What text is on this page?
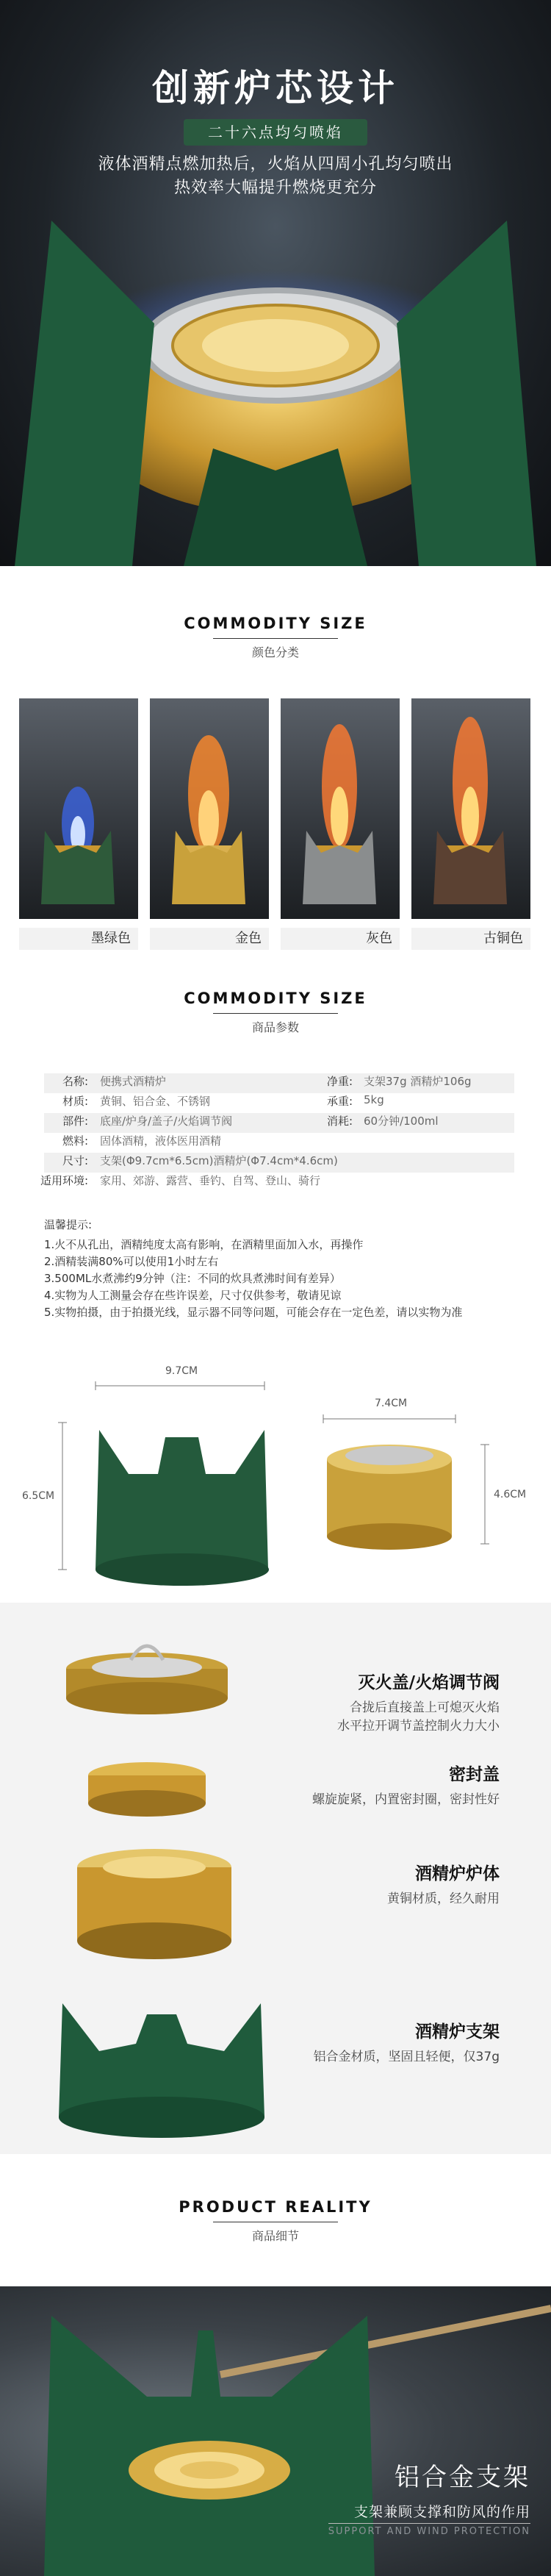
创新炉芯设计
二十六点均匀喷焰
液体酒精点燃加热后，火焰从四周小孔均匀喷出
热效率大幅提升燃烧更充分
COMMODITY SIZE
颜色分类
墨绿色	金色	灰色	古铜色
COMMODITY SIZE
商品参数
名称: 便携式酒精炉	净重: 支架37g 酒精炉106g
材质: 黄铜、铝合金、不锈钢	承重: 5kg
部件: 底座/炉身/盖子/火焰调节阀	消耗: 60分钟/100ml
燃料: 固体酒精，液体医用酒精
尺寸: 支架(Φ9.7cm*6.5cm)酒精炉(Φ7.4cm*4.6cm)
适用环境: 家用、郊游、露营、垂钓、自驾、登山、骑行
温馨提示:
1.火不从孔出，酒精纯度太高有影响，在酒精里面加入水，再操作
2.酒精装满80%可以使用1小时左右
3.500ML水煮沸约9分钟（注：不同的炊具煮沸时间有差异）
4.实物为人工测量会存在些许误差，尺寸仅供参考，敬请见谅
5.实物拍摄，由于拍摄光线，显示器不同等问题，可能会存在一定色差，请以实物为准
9.7CM
6.5CM
7.4CM
4.6CM
灭火盖/火焰调节阀
合拢后直接盖上可熄灭火焰
水平拉开调节盖控制火力大小
密封盖
螺旋旋紧，内置密封圈，密封性好
酒精炉炉体
黄铜材质，经久耐用
酒精炉支架
铝合金材质，坚固且轻便，仅37g
PRODUCT REALITY
商品细节
铝合金支架
支架兼顾支撑和防风的作用
SUPPORT AND WIND PROTECTION
